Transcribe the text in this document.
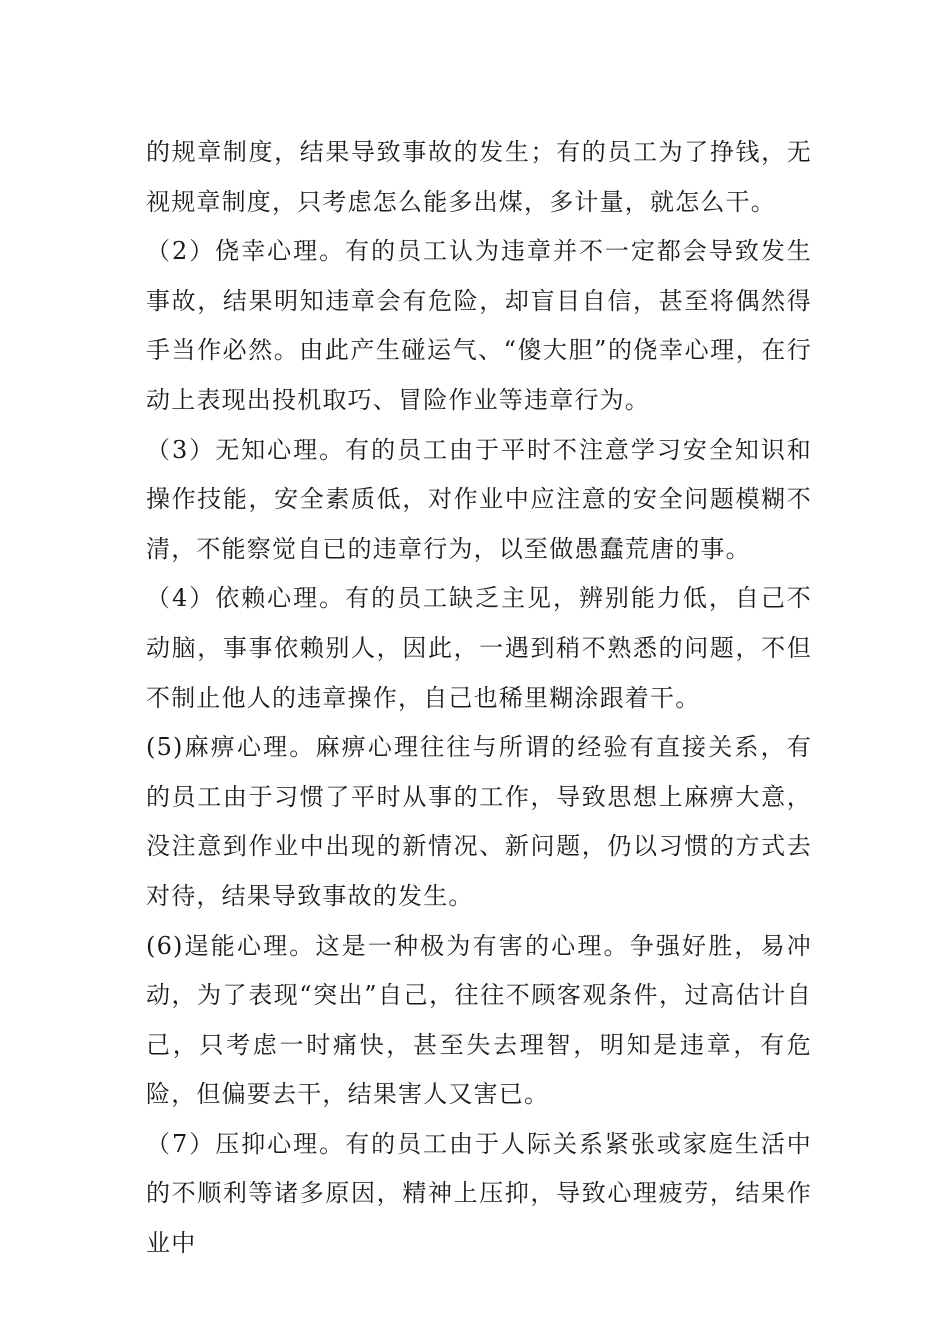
的规章制度，结果导致事故的发生；有的员工为了挣钱，无视规章制度，只考虑怎么能多出煤，多计量，就怎么干。

（2）侥幸心理。有的员工认为违章并不一定都会导致发生事故，结果明知违章会有危险，却盲目自信，甚至将偶然得手当作必然。由此产生碰运气、“傻大胆”的侥幸心理，在行动上表现出投机取巧、冒险作业等违章行为。

（3）无知心理。有的员工由于平时不注意学习安全知识和操作技能，安全素质低，对作业中应注意的安全问题模糊不清，不能察觉自已的违章行为，以至做愚蠢荒唐的事。

（4）依赖心理。有的员工缺乏主见，辨别能力低，自己不动脑，事事依赖别人，因此，一遇到稍不熟悉的问题，不但不制止他人的违章操作，自己也稀里糊涂跟着干。

(5)麻痹心理。麻痹心理往往与所谓的经验有直接关系，有的员工由于习惯了平时从事的工作，导致思想上麻痹大意，没注意到作业中出现的新情况、新问题，仍以习惯的方式去对待，结果导致事故的发生。

(6)逞能心理。这是一种极为有害的心理。争强好胜，易冲动，为了表现“突出”自己，往往不顾客观条件，过高估计自己，只考虑一时痛快，甚至失去理智，明知是违章，有危险，但偏要去干，结果害人又害已。

（7）压抑心理。有的员工由于人际关系紧张或家庭生活中的不顺利等诸多原因，精神上压抑，导致心理疲劳，结果作业中
